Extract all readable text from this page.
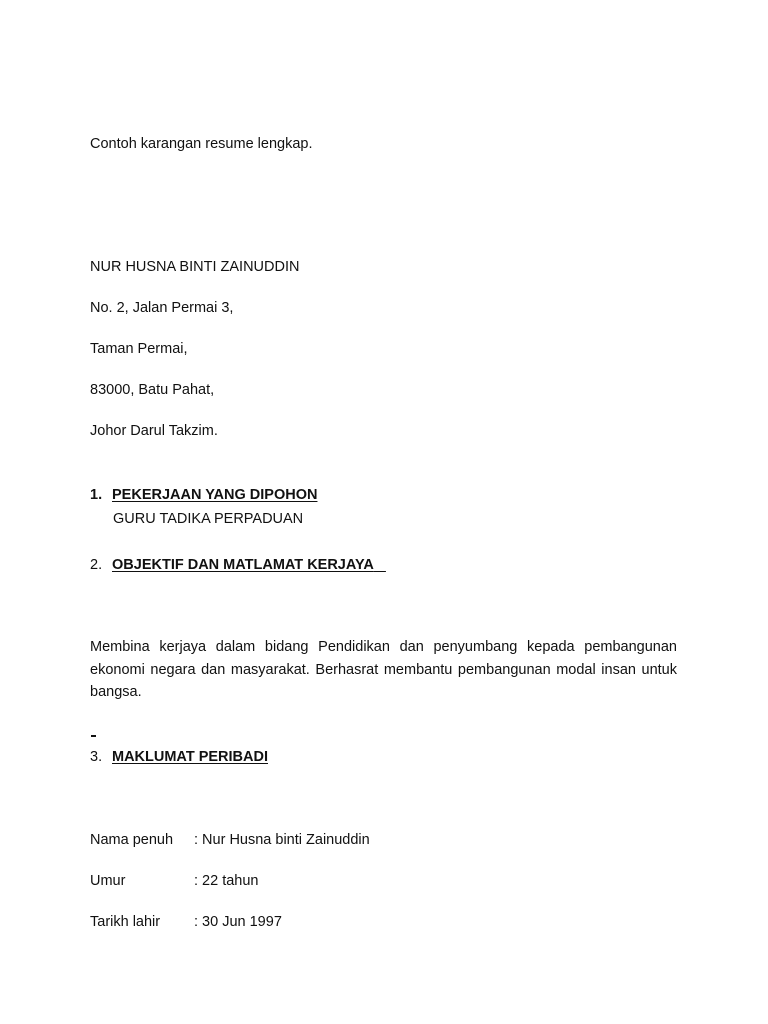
Contoh karangan resume lengkap.
NUR HUSNA BINTI ZAINUDDIN
No. 2, Jalan Permai 3,
Taman Permai,
83000, Batu Pahat,
Johor Darul Takzim.
1. PEKERJAAN YANG DIPOHON
GURU TADIKA PERPADUAN
2. OBJEKTIF DAN MATLAMAT KERJAYA
Membina kerjaya dalam bidang Pendidikan dan penyumbang kepada pembangunan ekonomi negara dan masyarakat. Berhasrat membantu pembangunan modal insan untuk bangsa.
3. MAKLUMAT PERIBADI
Nama penuh : Nur Husna binti Zainuddin
Umur	: 22 tahun
Tarikh lahir : 30 Jun 1997
